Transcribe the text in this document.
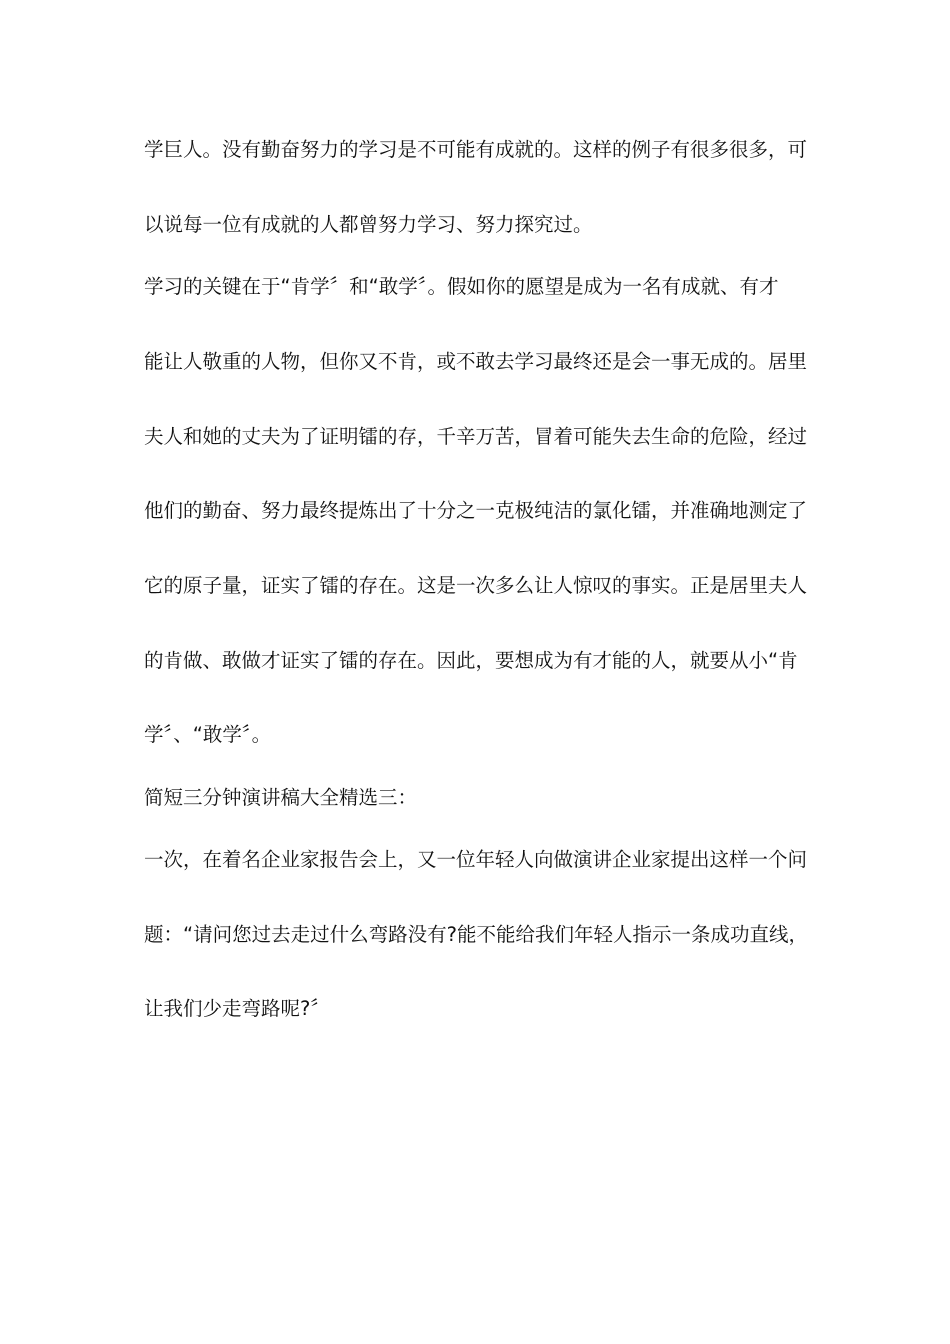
学巨人。没有勤奋努力的学习是不可能有成就的。这样的例子有很多很多，可
以说每一位有成就的人都曾努力学习、努力探究过。
学习的关键在于“肯学〞和“敢学〞。假如你的愿望是成为一名有成就、有才
能让人敬重的人物，但你又不肯，或不敢去学习最终还是会一事无成的。居里
夫人和她的丈夫为了证明镭的存，千辛万苦，冒着可能失去生命的危险，经过
他们的勤奋、努力最终提炼出了十分之一克极纯洁的氯化镭，并准确地测定了
它的原子量，证实了镭的存在。这是一次多么让人惊叹的事实。正是居里夫人
的肯做、敢做才证实了镭的存在。因此，要想成为有才能的人，就要从小“肯
学〞、“敢学〞。
简短三分钟演讲稿大全精选三：
一次，在着名企业家报告会上，又一位年轻人向做演讲企业家提出这样一个问
题：“请问您过去走过什么弯路没有?能不能给我们年轻人指示一条成功直线，
让我们少走弯路呢?〞
